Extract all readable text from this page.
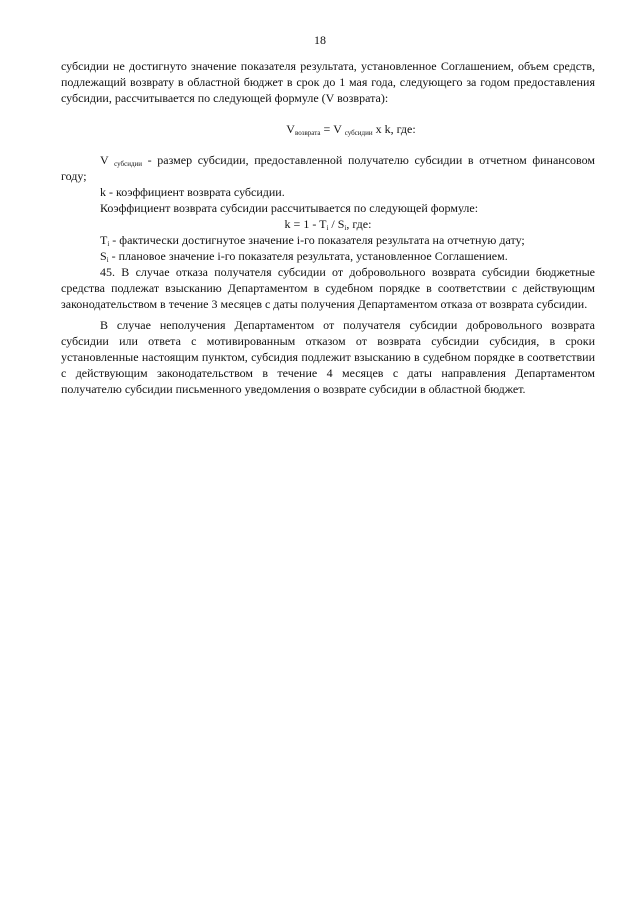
18

субсидии не достигнуто значение показателя результата, установленное Соглашением, объем средств, подлежащий возврату в областной бюджет в срок до 1 мая года, следующего за годом предоставления субсидии, рассчитывается по следующей формуле (V возврата):

$V_{возврата} = V$ $_{субсидии}$ x k, где:

V $_{субсидии}$ - размер субсидии, предоставленной получателю субсидии в отчетном финансовом году;

k - коэффициент возврата субсидии.

Коэффициент возврата субсидии рассчитывается по следующей формуле:

$k = 1 - T_i / S_i$, где:

$T_i$ - фактически достигнутое значение i-го показателя результата на отчетную дату;

$S_i$ - плановое значение i-го показателя результата, установленное Соглашением.

45. В случае отказа получателя субсидии от добровольного возврата субсидии бюджетные средства подлежат взысканию Департаментом в судебном порядке в соответствии с действующим законодательством в течение 3 месяцев с даты получения Департаментом отказа от возврата субсидии.

В случае неполучения Департаментом от получателя субсидии добровольного возврата субсидии или ответа с мотивированным отказом от возврата субсидии субсидия, в сроки установленные настоящим пунктом, субсидия подлежит взысканию в судебном порядке в соответствии с действующим законодательством в течение 4 месяцев с даты направления Департаментом получателю субсидии письменного уведомления о возврате субсидии в областной бюджет.
